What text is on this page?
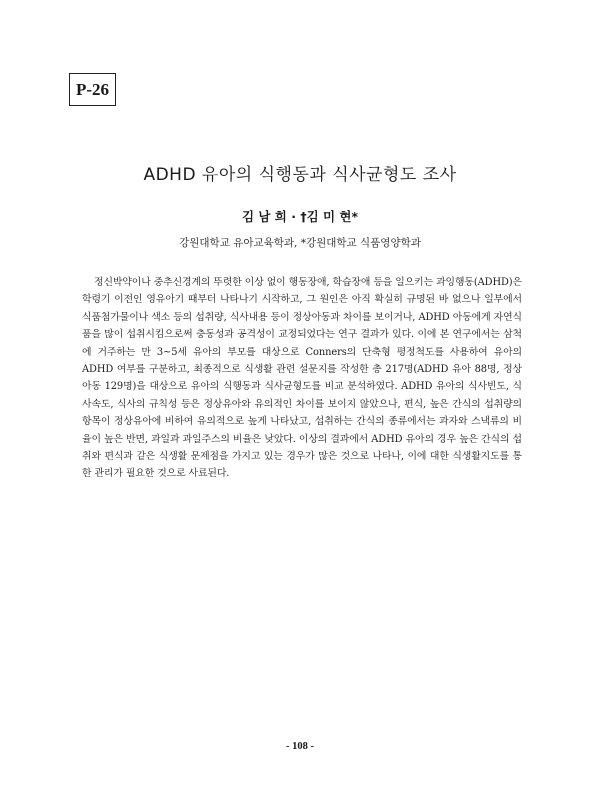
P-26
ADHD 유아의 식행동과 식사균형도 조사
김 남 희 · †김 미 현*
강원대학교 유아교육학과, *강원대학교 식품영양학과
정신박약이나 중추신경계의 뚜렷한 이상 없이 행동장애, 학습장애 등을 일으키는 과잉행동(ADHD)은 학령기 이전인 영유아기 때부터 나타나기 시작하고, 그 원인은 아직 확실히 규명된 바 없으나 일부에서 식품첨가물이나 색소 등의 섭취량, 식사내용 등이 정상아동과 차이를 보이거나, ADHD 아동에게 자연식품을 많이 섭취시킴으로써 충동성과 공격성이 교정되었다는 연구 결과가 있다. 이에 본 연구에서는 삼척에 거주하는 만 3~5세 유아의 부모를 대상으로 Conners의 단축형 평정척도를 사용하여 유아의 ADHD 여부를 구분하고, 최종적으로 식생활 관련 설문지를 작성한 총 217명(ADHD 유아 88명, 정상아동 129명)을 대상으로 유아의 식행동과 식사균형도를 비교 분석하였다. ADHD 유아의 식사빈도, 식사속도, 식사의 규칙성 등은 정상유아와 유의적인 차이를 보이지 않았으나, 편식, 높은 간식의 섭취량의 항목이 정상유아에 비하여 유의적으로 높게 나타났고, 섭취하는 간식의 종류에서는 과자와 스낵류의 비율이 높은 반면, 과일과 과일주스의 비율은 낮았다. 이상의 결과에서 ADHD 유아의 경우 높은 간식의 섭취와 편식과 같은 식생활 문제점을 가지고 있는 경우가 많은 것으로 나타나, 이에 대한 식생활지도를 통한 관리가 필요한 것으로 사료된다.
- 108 -
